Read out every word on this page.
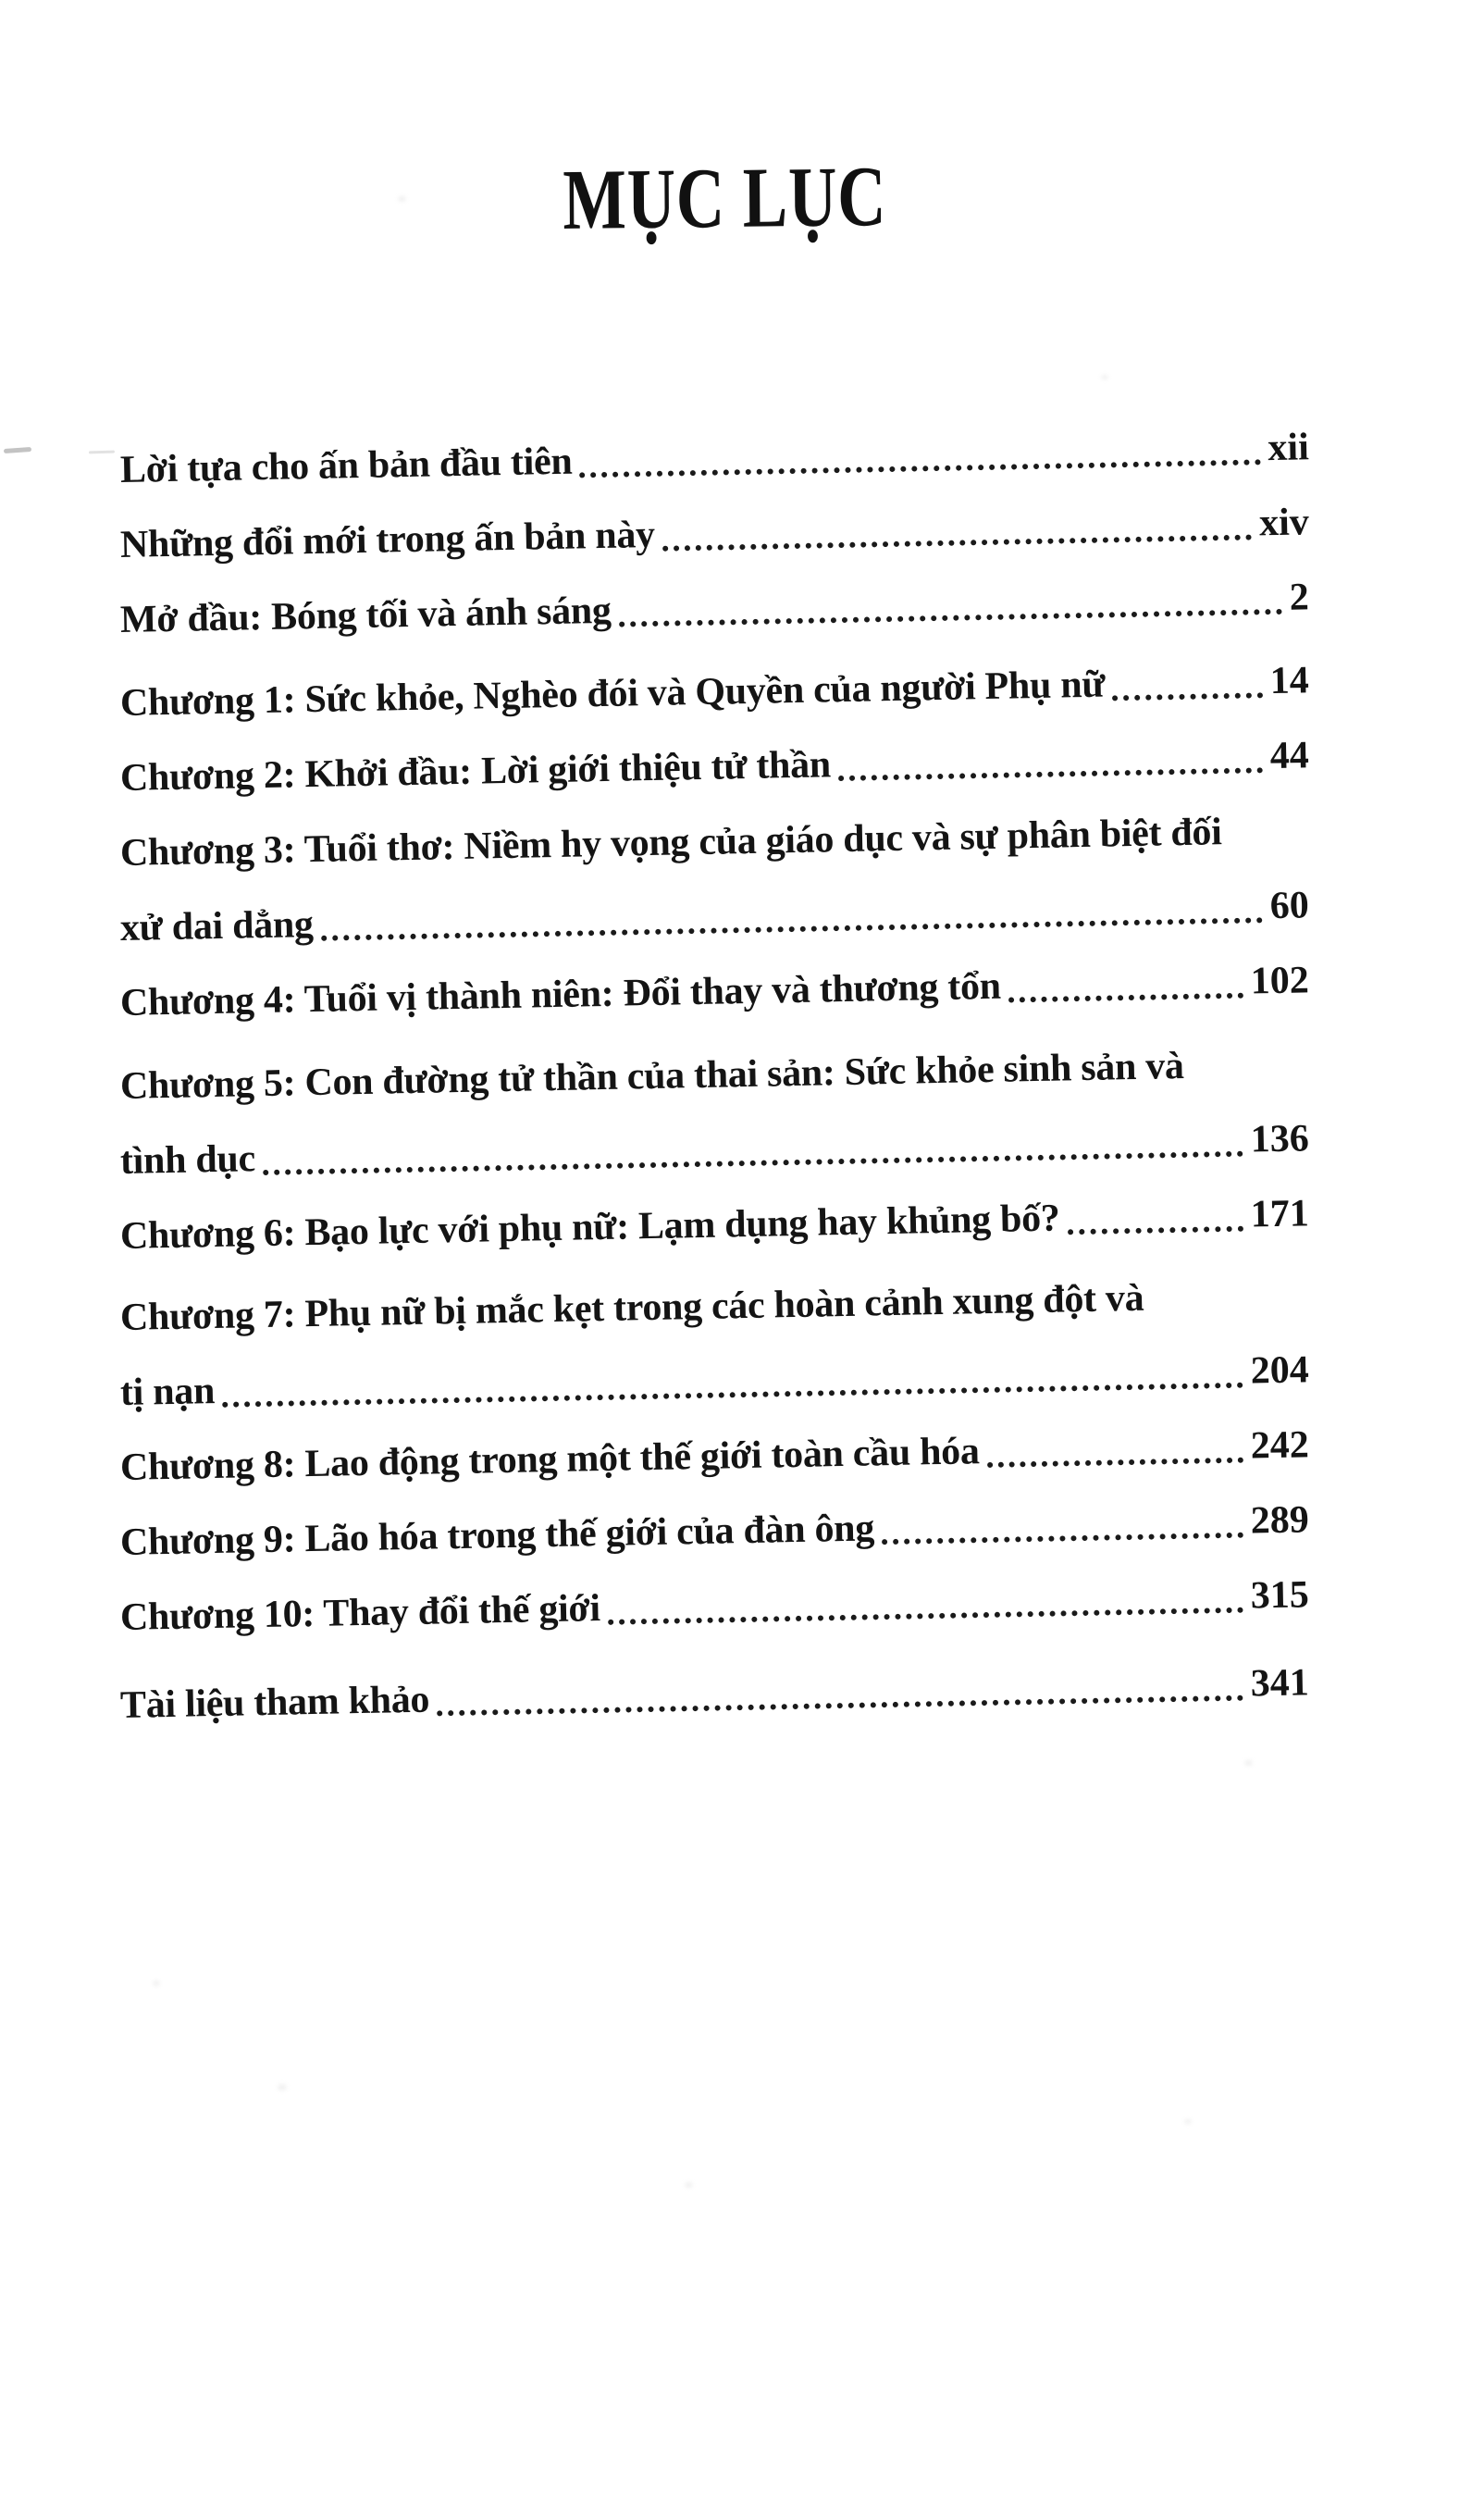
MỤC LỤC
Lời tựa cho ấn bản đầu tiên	xii
Những đổi mới trong ấn bản này	xiv
Mở đầu: Bóng tối và ánh sáng	2
Chương 1: Sức khỏe, Nghèo đói và Quyền của người Phụ nữ	14
Chương 2: Khởi đầu: Lời giới thiệu tử thần	44
Chương 3: Tuổi thơ: Niềm hy vọng của giáo dục và sự phân biệt đối
xử dai dẳng	60
Chương 4: Tuổi vị thành niên: Đổi thay và thương tổn	102
Chương 5: Con đường tử thần của thai sản: Sức khỏe sinh sản và
tình dục	136
Chương 6: Bạo lực với phụ nữ: Lạm dụng hay khủng bố?	171
Chương 7: Phụ nữ bị mắc kẹt trong các hoàn cảnh xung đột và
tị nạn	204
Chương 8: Lao động trong một thế giới toàn cầu hóa	242
Chương 9: Lão hóa trong thế giới của đàn ông	289
Chương 10: Thay đổi thế giới	315
Tài liệu tham khảo	341
